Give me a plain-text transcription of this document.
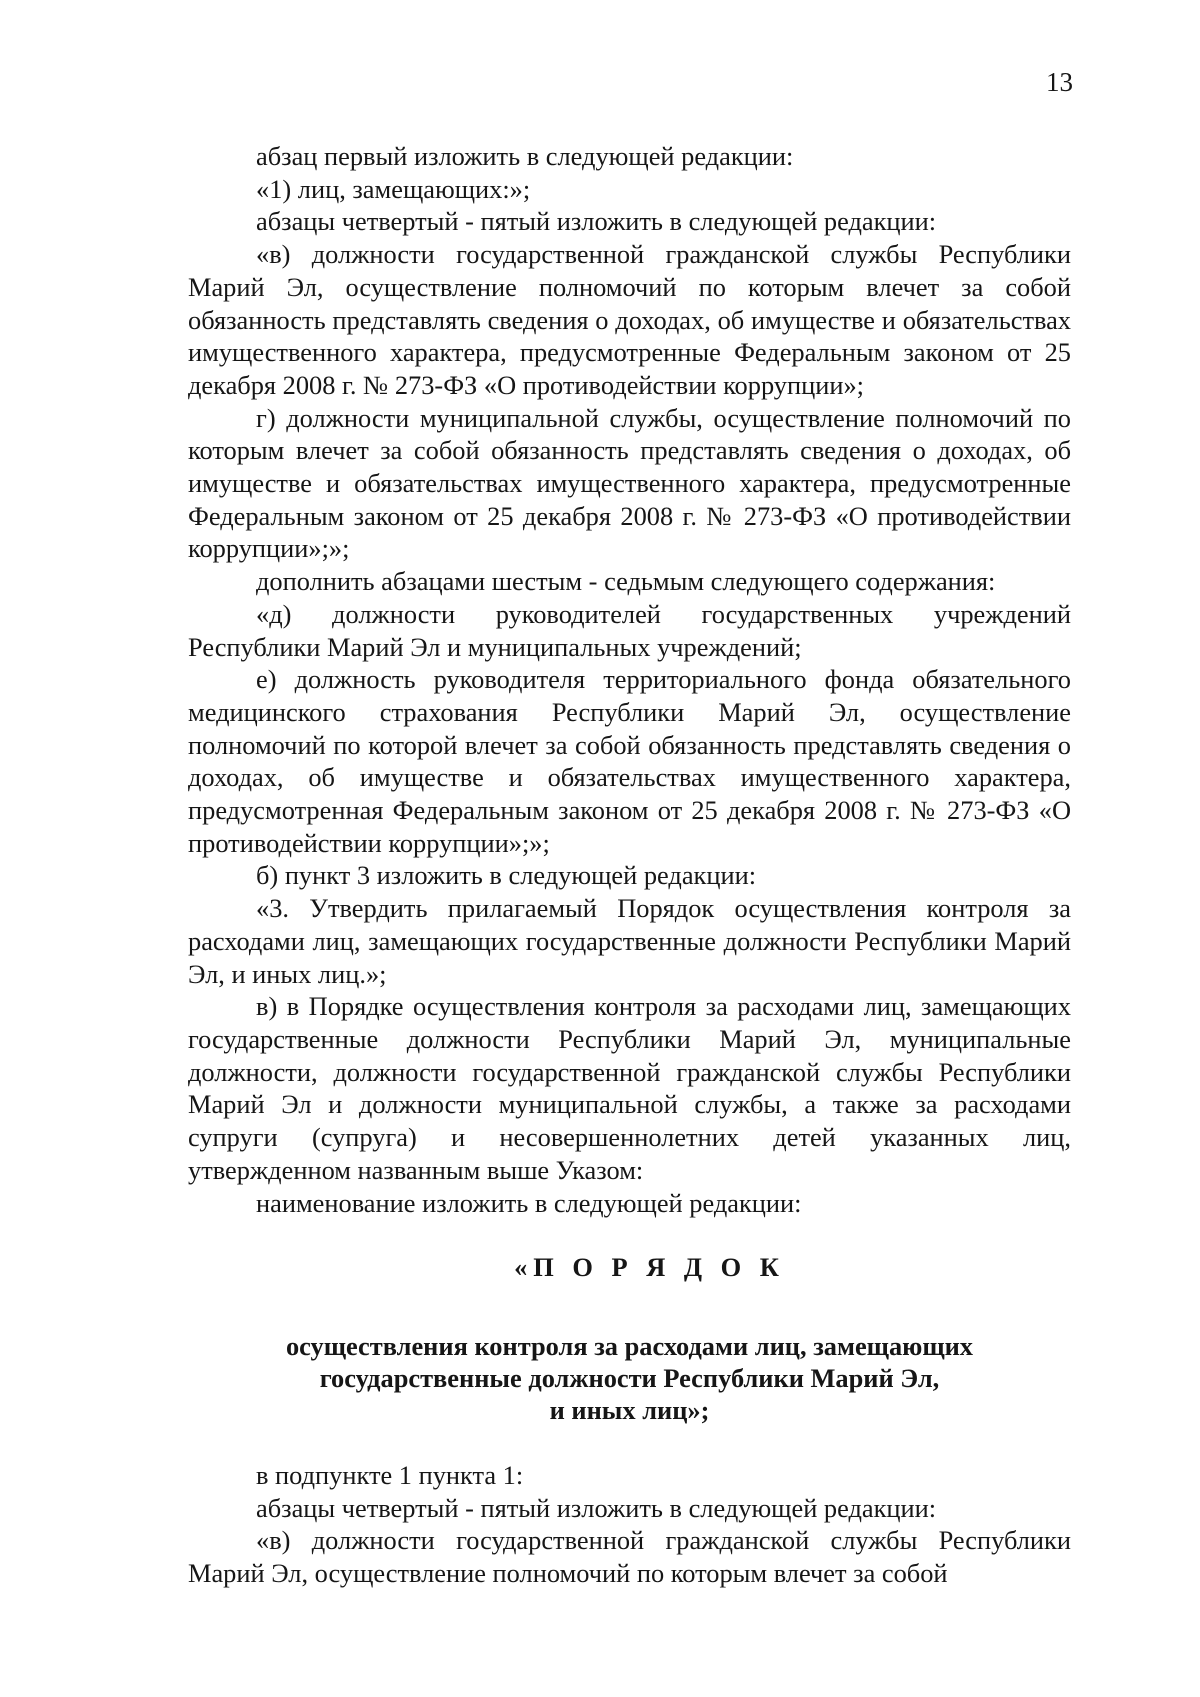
13

абзац первый изложить в следующей редакции:

«1) лиц, замещающих:»;

абзацы четвертый - пятый изложить в следующей редакции:

«в) должности государственной гражданской службы Республики Марий Эл, осуществление полномочий по которым влечет за собой обязанность представлять сведения о доходах, об имуществе и обязательствах имущественного характера, предусмотренные Федеральным законом от 25 декабря 2008 г. № 273-ФЗ «О противодействии коррупции»;

г) должности муниципальной службы, осуществление полномочий по которым влечет за собой обязанность представлять сведения о доходах, об имуществе и обязательствах имущественного характера, предусмотренные Федеральным законом от 25 декабря 2008 г. № 273-ФЗ «О противодействии коррупции»;»;

дополнить абзацами шестым - седьмым следующего содержания:

«д) должности руководителей государственных учреждений Республики Марий Эл и муниципальных учреждений;

е) должность руководителя территориального фонда обязательного медицинского страхования Республики Марий Эл, осуществление полномочий по которой влечет за собой обязанность представлять сведения о доходах, об имуществе и обязательствах имущественного характера, предусмотренная Федеральным законом от 25 декабря 2008 г. № 273-ФЗ «О противодействии коррупции»;»;

б) пункт 3 изложить в следующей редакции:

«3. Утвердить прилагаемый Порядок осуществления контроля за расходами лиц, замещающих государственные должности Республики Марий Эл, и иных лиц.»;

в) в Порядке осуществления контроля за расходами лиц, замещающих государственные должности Республики Марий Эл, муниципальные должности, должности государственной гражданской службы Республики Марий Эл и должности муниципальной службы, а также за расходами супруги (супруга) и несовершеннолетних детей указанных лиц, утвержденном названным выше Указом:

наименование изложить в следующей редакции:

«П О Р Я Д О К

осуществления контроля за расходами лиц, замещающих
государственные должности Республики Марий Эл,
и иных лиц»;

в подпункте 1 пункта 1:

абзацы четвертый - пятый изложить в следующей редакции:

«в) должности государственной гражданской службы Республики Марий Эл, осуществление полномочий по которым влечет за собой
